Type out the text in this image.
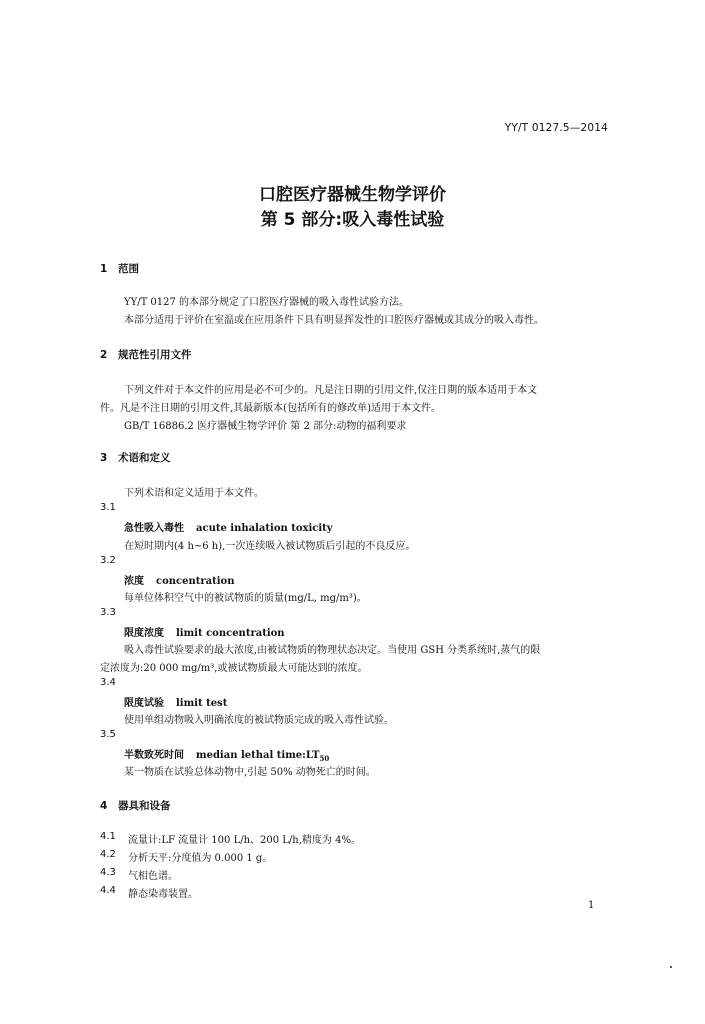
YY/T 0127.5—2014
口腔医疗器械生物学评价
第 5 部分:吸入毒性试验
1 范围
YY/T 0127 的本部分规定了口腔医疗器械的吸入毒性试验方法。
本部分适用于评价在室温或在应用条件下具有明显挥发性的口腔医疗器械或其成分的吸入毒性。
2 规范性引用文件
下列文件对于本文件的应用是必不可少的。凡是注日期的引用文件,仅注日期的版本适用于本文
件。凡是不注日期的引用文件,其最新版本(包括所有的修改单)适用于本文件。
GB/T 16886.2 医疗器械生物学评价 第 2 部分:动物的福利要求
3 术语和定义
下列术语和定义适用于本文件。
3.1
急性吸入毒性 acute inhalation toxicity
在短时期内(4 h~6 h),一次连续吸入被试物质后引起的不良反应。
3.2
浓度 concentration
每单位体积空气中的被试物质的质量(mg/L, mg/m³)。
3.3
限度浓度 limit concentration
吸入毒性试验要求的最大浓度,由被试物质的物理状态决定。当使用 GSH 分类系统时,蒸气的限
定浓度为:20 000 mg/m³,或被试物质最大可能达到的浓度。
3.4
限度试验 limit test
使用单组动物吸入明确浓度的被试物质完成的吸入毒性试验。
3.5
半数致死时间 median lethal $time:LT_{50}$
某一物质在试验总体动物中,引起 50% 动物死亡的时间。
4 器具和设备
4.1 流量计:LF 流量计 100 L/h、200 L/h,精度为 4%。
4.2 分析天平:分度值为 0.000 1 g。
4.3 气相色谱。
4.4 静态染毒装置。
1
